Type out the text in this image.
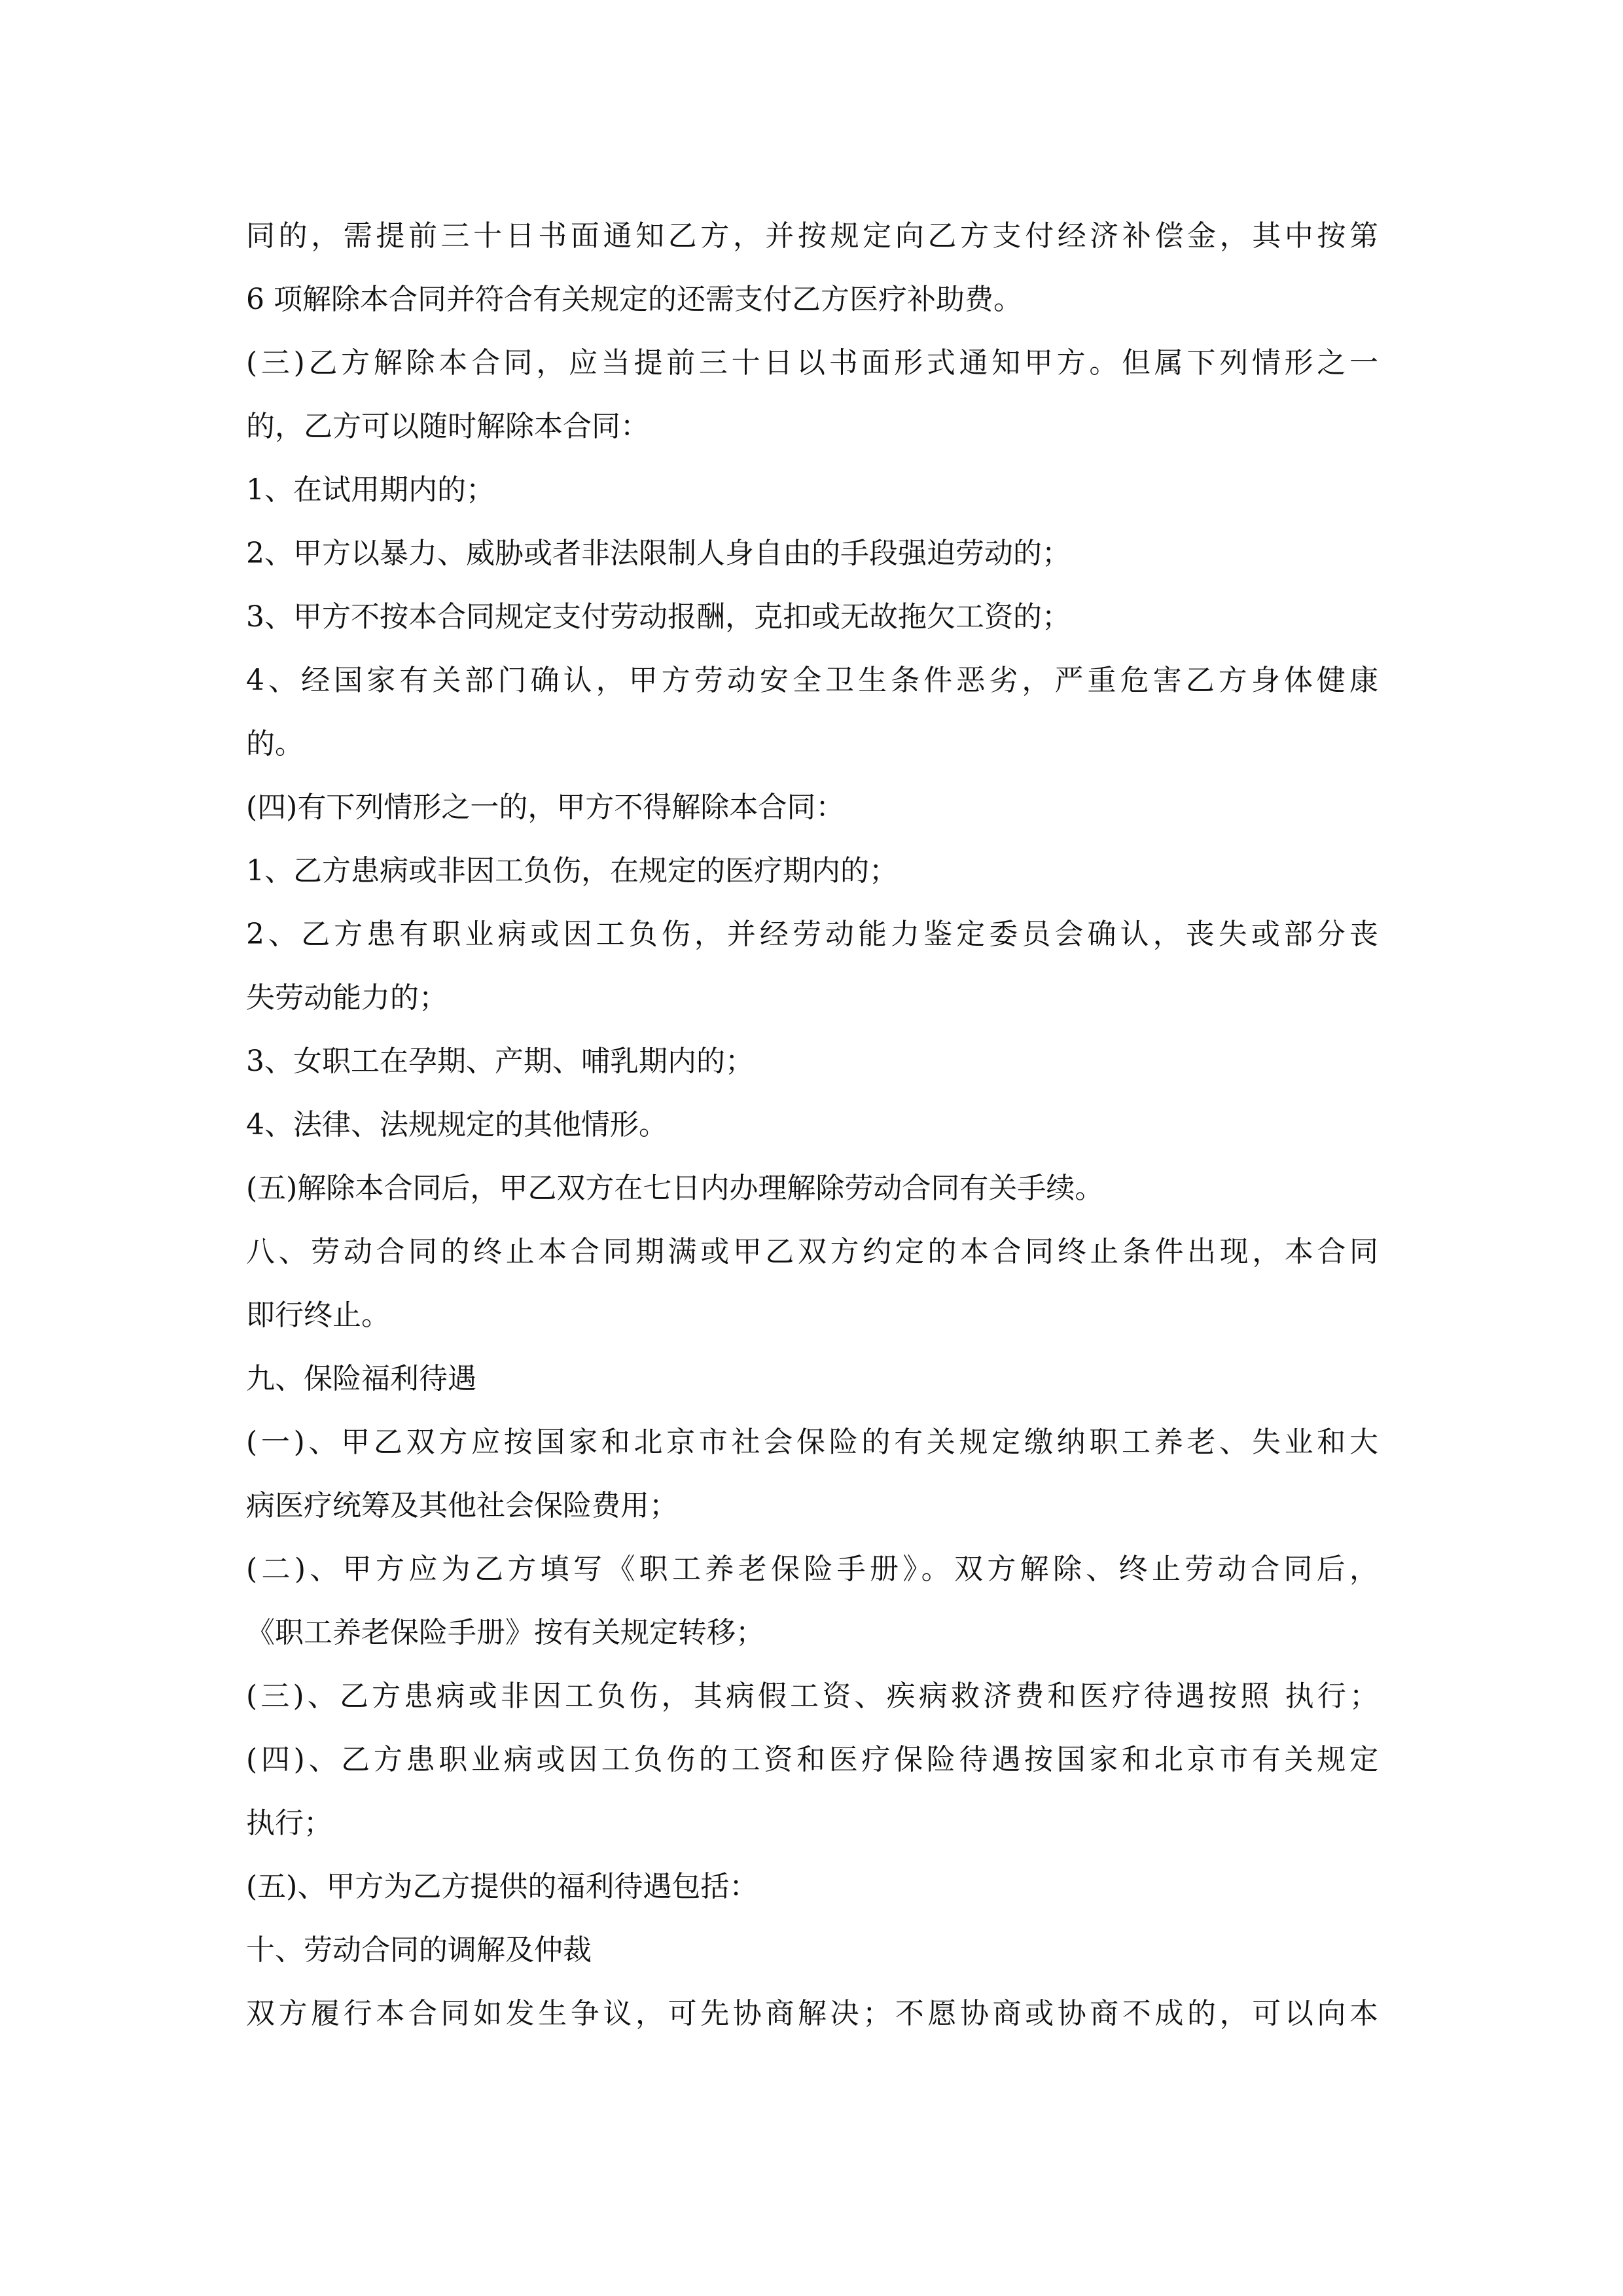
同的，需提前三十日书面通知乙方，并按规定向乙方支付经济补偿金，其中按第
6 项解除本合同并符合有关规定的还需支付乙方医疗补助费。
(三)乙方解除本合同，应当提前三十日以书面形式通知甲方。但属下列情形之一
的，乙方可以随时解除本合同：
1、在试用期内的；
2、甲方以暴力、威胁或者非法限制人身自由的手段强迫劳动的；
3、甲方不按本合同规定支付劳动报酬，克扣或无故拖欠工资的；
4、经国家有关部门确认，甲方劳动安全卫生条件恶劣，严重危害乙方身体健康
的。
(四)有下列情形之一的，甲方不得解除本合同：
1、乙方患病或非因工负伤，在规定的医疗期内的；
2、乙方患有职业病或因工负伤，并经劳动能力鉴定委员会确认，丧失或部分丧
失劳动能力的；
3、女职工在孕期、产期、哺乳期内的；
4、法律、法规规定的其他情形。
(五)解除本合同后，甲乙双方在七日内办理解除劳动合同有关手续。
八、劳动合同的终止本合同期满或甲乙双方约定的本合同终止条件出现，本合同
即行终止。
九、保险福利待遇
(一)、甲乙双方应按国家和北京市社会保险的有关规定缴纳职工养老、失业和大
病医疗统筹及其他社会保险费用；
(二)、甲方应为乙方填写《职工养老保险手册》。双方解除、终止劳动合同后，
《职工养老保险手册》按有关规定转移；
(三)、乙方患病或非因工负伤，其病假工资、疾病救济费和医疗待遇按照 执行；
(四)、乙方患职业病或因工负伤的工资和医疗保险待遇按国家和北京市有关规定
执行；
(五)、甲方为乙方提供的福利待遇包括：
十、劳动合同的调解及仲裁
双方履行本合同如发生争议，可先协商解决；不愿协商或协商不成的，可以向本
